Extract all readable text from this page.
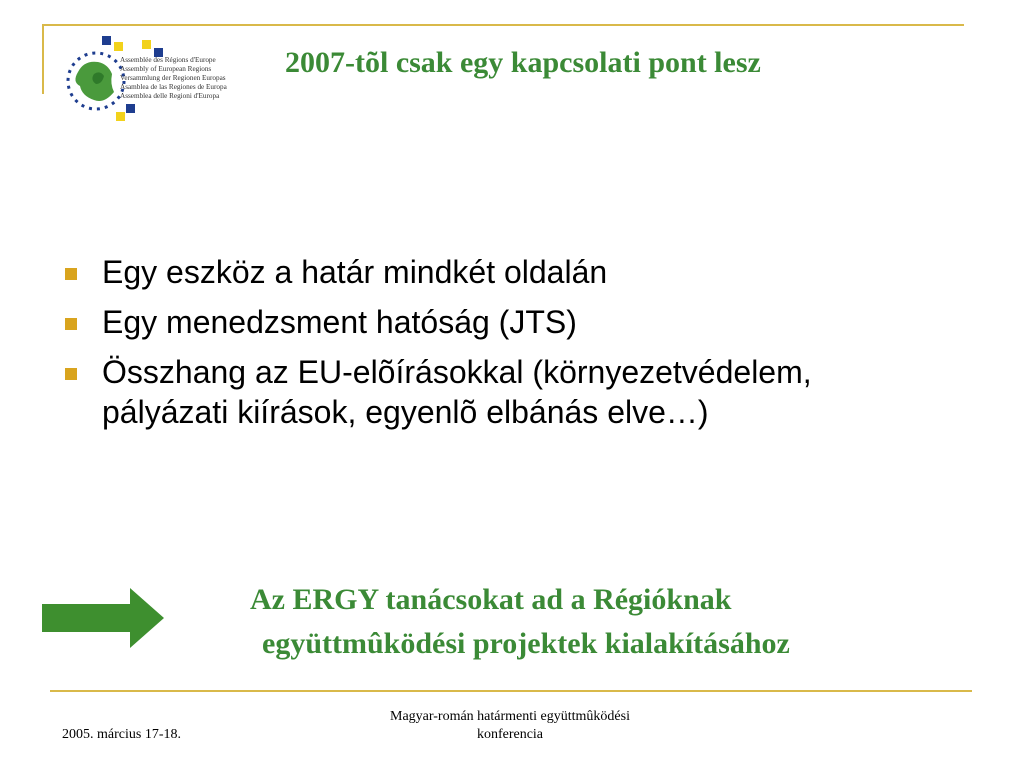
Assemblée des Régions d'Europe
Assembly of European Regions
Versammlung der Regionen Europas
Asamblea de las Regiones de Europa
Assemblea delle Regioni d'Europa
2007-tõl csak egy kapcsolati pont lesz
Egy eszköz a határ mindkét oldalán
Egy menedzsment hatóság (JTS)
Összhang az EU-elõírásokkal (környezetvédelem, pályázati kiírások, egyenlõ elbánás elve…)
Az ERGY tanácsokat ad a Régióknak
együttmûködési projektek kialakításához
2005. március 17-18.
Magyar-román határmenti együttmûködési
konferencia
